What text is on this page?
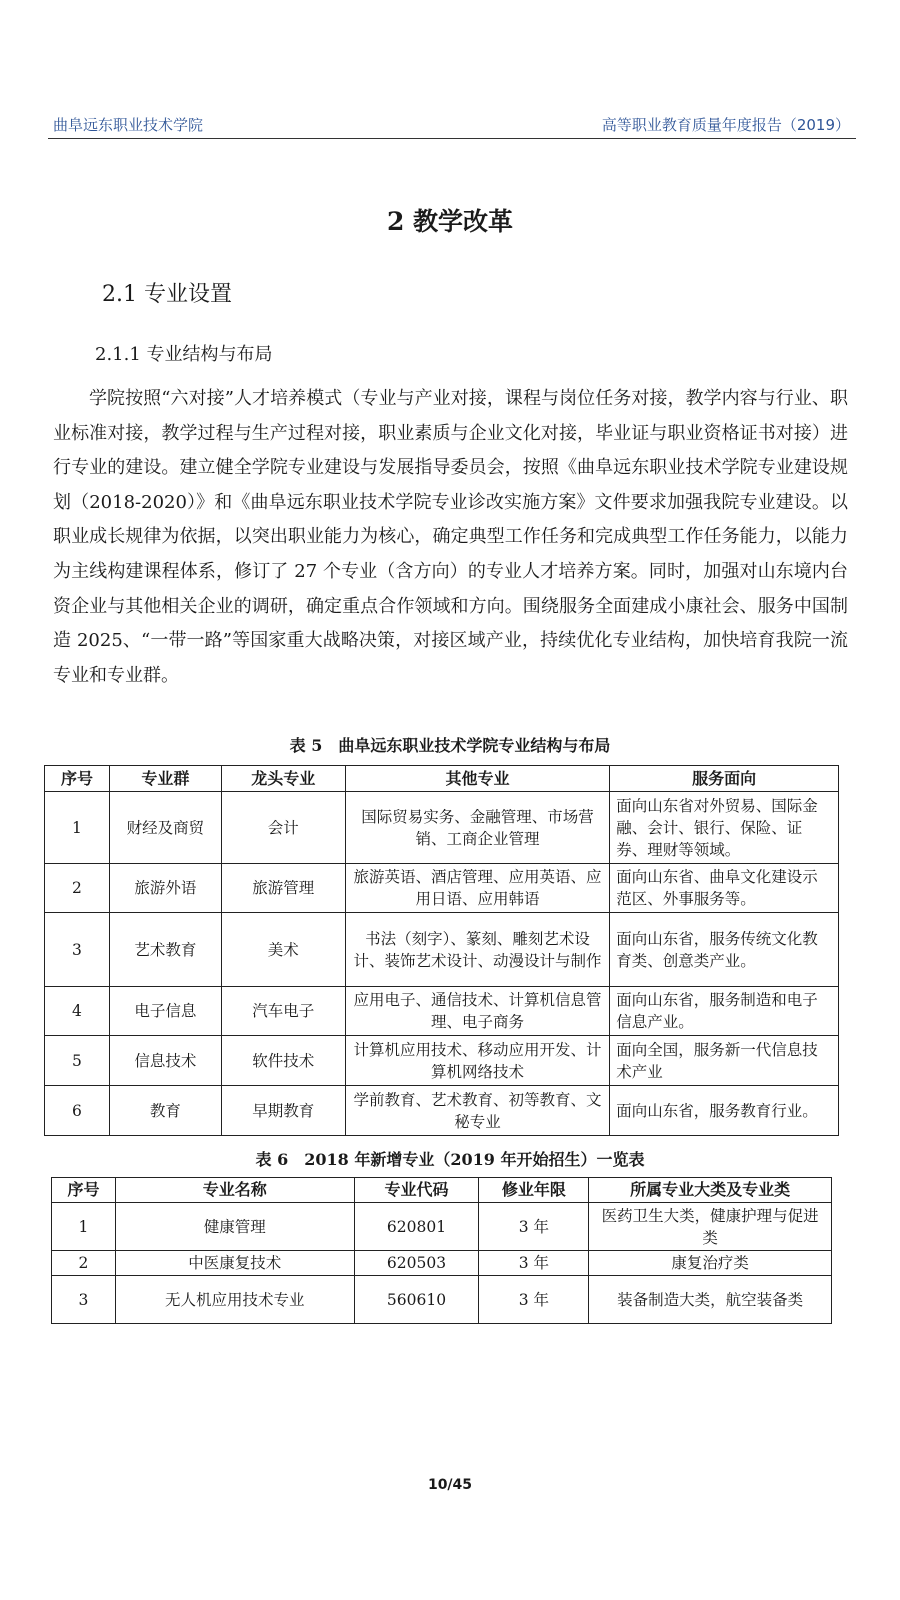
曲阜远东职业技术学院	高等职业教育质量年度报告（2019）
2 教学改革
2.1 专业设置
2.1.1 专业结构与布局

学院按照“六对接”人才培养模式（专业与产业对接，课程与岗位任务对接，教学内容与行业、职业标准对接，教学过程与生产过程对接，职业素质与企业文化对接，毕业证与职业资格证书对接）进行专业的建设。建立健全学院专业建设与发展指导委员会，按照《曲阜远东职业技术学院专业建设规划（2018-2020）》和《曲阜远东职业技术学院专业诊改实施方案》文件要求加强我院专业建设。以职业成长规律为依据，以突出职业能力为核心，确定典型工作任务和完成典型工作任务能力，以能力为主线构建课程体系，修订了 27 个专业（含方向）的专业人才培养方案。同时，加强对山东境内台资企业与其他相关企业的调研，确定重点合作领域和方向。围绕服务全面建成小康社会、服务中国制造 2025、“一带一路”等国家重大战略决策，对接区域产业，持续优化专业结构，加快培育我院一流专业和专业群。

表 5　曲阜远东职业技术学院专业结构与布局
序号	专业群	龙头专业	其他专业	服务面向
1	财经及商贸	会计	国际贸易实务、金融管理、市场营销、工商企业管理	面向山东省对外贸易、国际金融、会计、银行、保险、证券、理财等领域。
2	旅游外语	旅游管理	旅游英语、酒店管理、应用英语、应用日语、应用韩语	面向山东省、曲阜文化建设示范区、外事服务等。
3	艺术教育	美术	书法（刻字）、篆刻、雕刻艺术设计、装饰艺术设计、动漫设计与制作	面向山东省，服务传统文化教育类、创意类产业。
4	电子信息	汽车电子	应用电子、通信技术、计算机信息管理、电子商务	面向山东省，服务制造和电子信息产业。
5	信息技术	软件技术	计算机应用技术、移动应用开发、计算机网络技术	面向全国，服务新一代信息技术产业
6	教育	早期教育	学前教育、艺术教育、初等教育、文秘专业	面向山东省，服务教育行业。
表 6　2018 年新增专业（2019 年开始招生）一览表
序号	专业名称	专业代码	修业年限	所属专业大类及专业类
1	健康管理	620801	3 年	医药卫生大类，健康护理与促进类
2	中医康复技术	620503	3 年	康复治疗类
3	无人机应用技术专业	560610	3 年	装备制造大类，航空装备类
10/45
